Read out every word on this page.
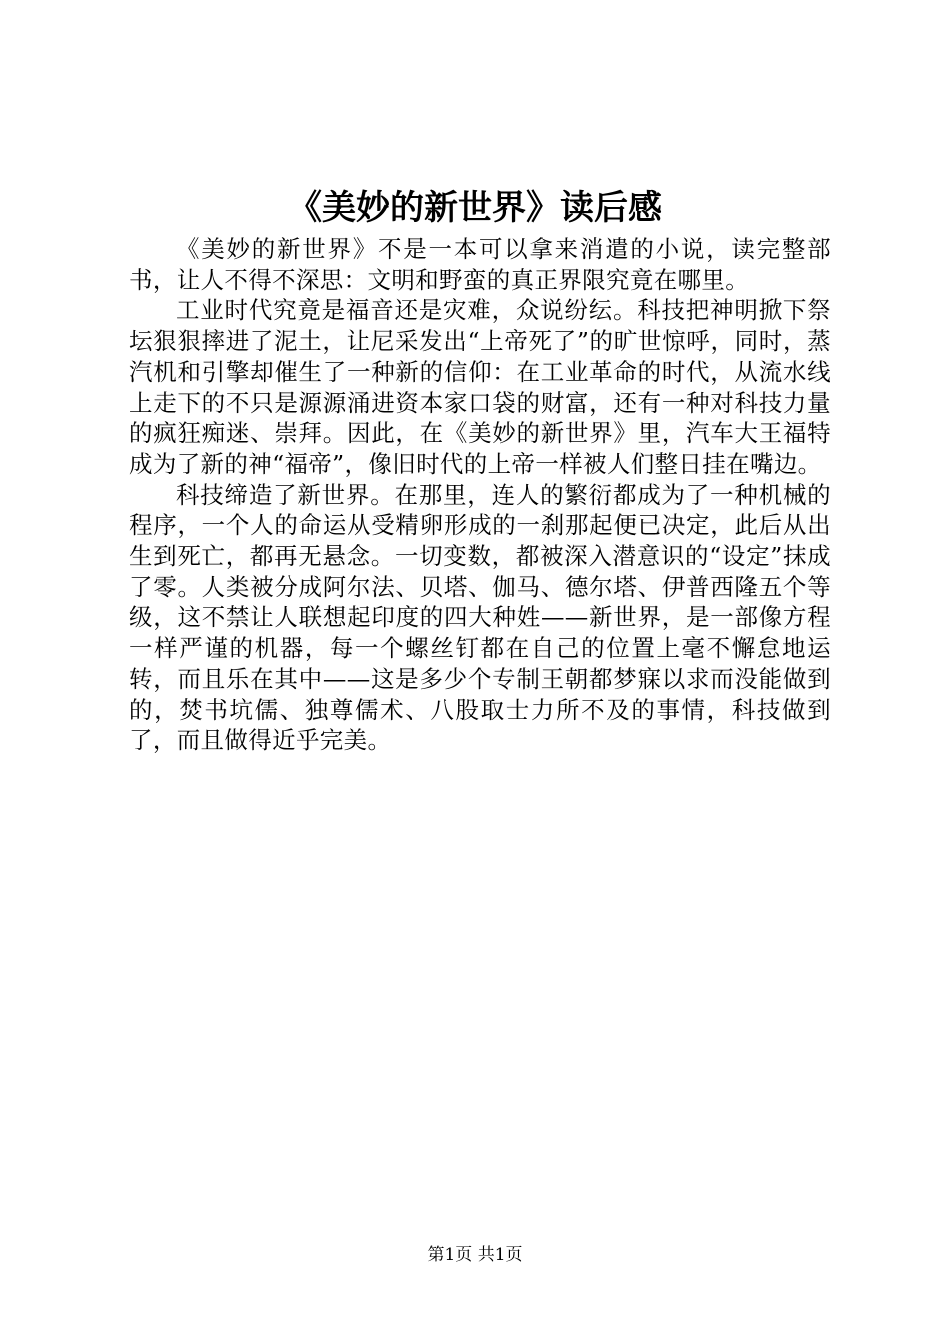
《美妙的新世界》读后感

《美妙的新世界》不是一本可以拿来消遣的小说，读完整部书，让人不得不深思：文明和野蛮的真正界限究竟在哪里。

工业时代究竟是福音还是灾难，众说纷纭。科技把神明掀下祭坛狠狠摔进了泥土，让尼采发出“上帝死了”的旷世惊呼，同时，蒸汽机和引擎却催生了一种新的信仰：在工业革命的时代，从流水线上走下的不只是源源涌进资本家口袋的财富，还有一种对科技力量的疯狂痴迷、崇拜。因此，在《美妙的新世界》里，汽车大王福特成为了新的神“福帝”，像旧时代的上帝一样被人们整日挂在嘴边。

科技缔造了新世界。在那里，连人的繁衍都成为了一种机械的程序，一个人的命运从受精卵形成的一刹那起便已决定，此后从出生到死亡，都再无悬念。一切变数，都被深入潜意识的“设定”抹成了零。人类被分成阿尔法、贝塔、伽马、德尔塔、伊普西隆五个等级，这不禁让人联想起印度的四大种姓——新世界，是一部像方程一样严谨的机器，每一个螺丝钉都在自己的位置上毫不懈怠地运转，而且乐在其中——这是多少个专制王朝都梦寐以求而没能做到的，焚书坑儒、独尊儒术、八股取士力所不及的事情，科技做到了，而且做得近乎完美。

第1页 共1页
